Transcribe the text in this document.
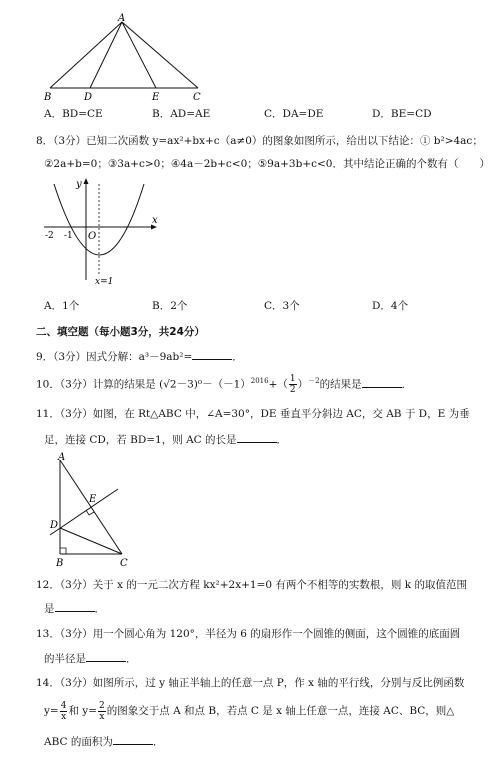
A
B	D	E	C
A．BD=CE	B．AD=AE	C．DA=DE	D．BE=CD
8．（3分）已知二次函数 y=ax²+bx+c（a≠0）的图象如图所示，给出以下结论：① b²>4ac；
②2a+b=0；③3a+c>0；④4a－2b+c<0；⑤9a+3b+c<0．其中结论正确的个数有（　　）
y
x
O
-2 -1
x=1
A．1个	B．2个	C．3个	D．4个
二、填空题（每小题3分，共24分）
9．（3分）因式分解：a³－9ab²=	．
10．（3分）计算的结果是 $(√2-3)^0-(-1)^{2016}+( \frac{1}{2} )^{-2}$的结果是	．
11．（3分）如图，在 Rt△ABC 中，∠A=30°，DE 垂直平分斜边 AC，交 AB 于 D，E 为垂
足，连接 CD，若 BD=1，则 AC 的长是	．
A
E
D
B	C
12．（3分）关于 x 的一元二次方程 kx²+2x+1=0 有两个不相等的实数根，则 k 的取值范围
是	．
13．（3分）用一个圆心角为 120°，半径为 6 的扇形作一个圆锥的侧面，这个圆锥的底面圆
的半径是	．
14．（3分）如图所示，过 y 轴正半轴上的任意一点 P，作 x 轴的平行线，分别与反比例函数
$y= \frac{4}{x}$ 和 $y= \frac{2}{x}$ 的图象交于点 A 和点 B，若点 C 是 x 轴上任意一点，连接 AC、BC，则△
ABC 的面积为	．
